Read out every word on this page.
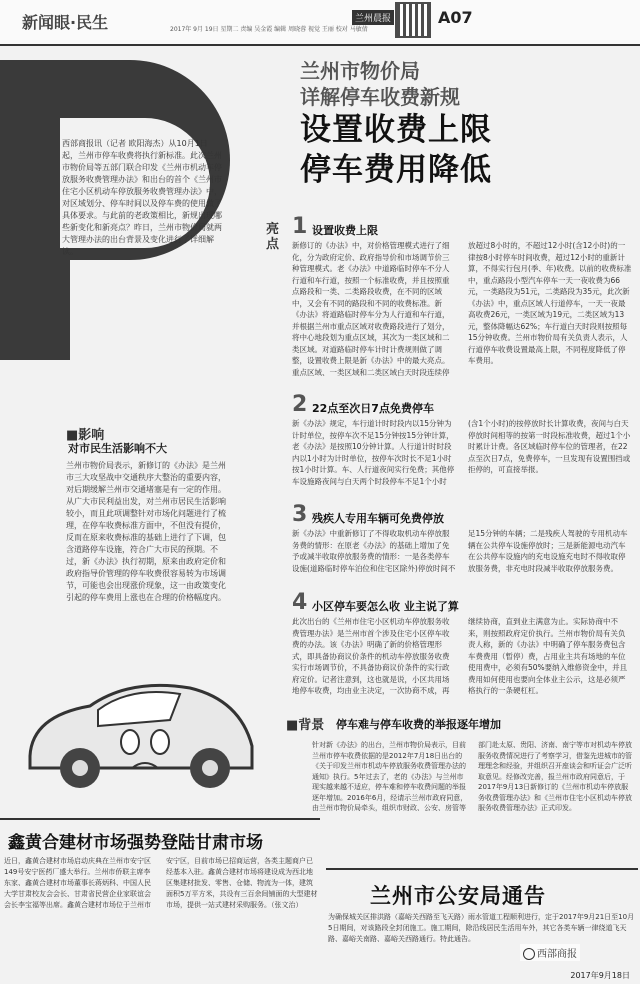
新闻眼·民生	2017年 9月 19日 星期二 责编 吴金霞 编辑 周晓蓉 视觉 王丽 校对 马敏倩
兰州晨报	A07
西部商报讯（记者 欧阳海杰）从10月1日起，兰州市停车收费将执行新标准。此次兰州市物价局等五部门联合印发《兰州市机动车停放服务收费管理办法》和出台的首个《兰州市住宅小区机动车停放服务收费管理办法》中，对区域划分、停车时间以及停车费的使用做了具体要求。与此前的老政策相比，新规出现哪些新变化和新亮点？昨日，兰州市物价局就两大管理办法的出台背景及变化进行了详细解读。
兰州市物价局
详解停车收费新规
设置收费上限
停车费用降低
亮点
1 设置收费上限
新修订的《办法》中，对价格管理模式进行了细化，分为政府定价、政府指导价和市场调节价三种管理模式。老《办法》中道路临时停车不分人行道和车行道，按照一个标准收费，并且按照重点路段和一类、二类路段收费，在不同的区域中，又会有不同的路段和不同的收费标准。新《办法》将道路临时停车分为人行道和车行道，并根据兰州市重点区域对收费路段进行了划分，将中心地段划为重点区域，其次为一类区域和二类区域。对道路临时停车计时计费规则做了调整，设置收费上限是新《办法》中的最大亮点。重点区域、一类区域和二类区域白天时段连续停放超过8小时的，不超过12小时(含12小时)的一律按8小时停车时间收费，超过12小时的重新计算，不得实行包月(季、年)收费。以前的收费标准中，重点路段小型汽车停车一天一夜收费为66元，一类路段为51元，二类路段为35元，此次新《办法》中，重点区域人行道停车，一天一夜最高收费26元，一类区域为19元，二类区域为13元，整体降幅达62%；车行道白天时段则按照每15分钟收费。兰州市物价局有关负责人表示，人行道停车收费设置最高上限，不同程度降低了停车费用。
2 22点至次日7点免费停车
新《办法》规定，车行道计时时段内以15分钟为计时单位，按停车次不足15分钟按15分钟计算，老《办法》是按照10分钟计算。人行道计时时段内以1小时为计时单位，按停车次时长不足1小时按1小时计算。车、人行道夜间实行免费；其他停车设施路夜间与白天两个时段停车不足1个小时(含1个小时)的按停放时长计算收费，夜间与白天停放时间相等的按第一时段标准收费，超过1个小时累计计费。各区域临时停车位的管理者，在22点至次日7点，免费停车，一旦发现有设置围挡或拒停的，可直接举报。
3 残疾人专用车辆可免费停放
新《办法》中重新修订了不得收取机动车停放服务费的情形：在原老《办法》的基础上增加了免予或减半收取停放服务费的情形：一是各类停车设施(道路临时停车泊位和住宅区除外)停放时间不足15分钟的车辆；二是残疾人驾驶的专用机动车辆在公共停车设施停放时；三是新能源电动汽车在公共停车设施内的充电设施充电时不得收取停放服务费，非充电时段减半收取停放服务费。
4 小区停车要怎么收 业主说了算
此次出台的《兰州市住宅小区机动车停放服务收费管理办法》是兰州市首个涉及住宅小区停车收费的办法。该《办法》明确了新的价格管理形式，即具备协商议价条件的机动车停放服务收费实行市场调节价，不具备协商议价条件的实行政府定价。记者注意到，这也就是说，小区共用场地停车收费，均由业主决定，一次协商不成，再继续协商，直到业主满意为止。实际协商中不来，则按照政府定价执行。兰州市物价局有关负责人称，新的《办法》中明确了停车服务费包含车费费用（暂停）费，占用业主共有场地的车位使用费中，必须有50%要纳入维修资金中，并且费用如何使用也要向全体业主公示，这是必须严格执行的一条硬杠杠。
■影响
对市民生活影响不大
兰州市物价局表示，新修订的《办法》是兰州市三大攻坚战中交通秩序大整治的重要内容，对后期缓解兰州市交通堵塞是有一定的作用。从广大市民利益出发，对兰州市居民生活影响较小，而且此项调整针对市场化问题进行了梳理，在停车收费标准方面中，不但没有提价，反而在原来收费标准的基础上进行了下调，包含道路停车设施，符合广大市民的预期。不过，新《办法》执行初期，原来由政府定价和政府指导价管理的停车收费很容易转为市场调节，可能也会出现涨价现象，这一由政策变化引起的停车费用上涨也在合理的价格幅度内。
■背景 停车难与停车收费的举报逐年增加
针对新《办法》的出台，兰州市物价局表示，目前兰州市停车收费依据的是2012年7月18日出台的《关于印发兰州市机动车停放服务收费管理办法的通知》执行。5年过去了，老的《办法》与兰州市现实越来越不适应，停车难和停车收费问题的举报逐年增加。2016年6月，经请示兰州市政府同意，由兰州市物价局牵头，组织市财政、公安、房管等部门赴太原、贵阳、济南、南宁等市对机动车停放服务收费情况进行了考察学习，借鉴先进城市的管理理念和经验，并组织召开座谈会和听证会广泛听取意见。经修改完善，报兰州市政府同意后，于2017年9月13日新修订的《兰州市机动车停放服务收费管理办法》和《兰州市住宅小区机动车停放服务收费管理办法》正式印发。
鑫黄合建材市场强势登陆甘肃市场
近日，鑫黄合建材市场启动庆典在兰州市安宁区149号安宁医药厂盛大举行。兰州市侨联主席李东家、鑫黄合建材市场董事长蒋炳科、中国人民大学甘肃校友会会长、甘肃省民营企业家联谊会会长李宝福等出席。鑫黄合建材市场位于兰州市安宁区，目前市场已招商运营，各类主题商户已经基本入驻。鑫黄合建材市场将建设成为西北地区集建材批发、零售、仓储、物流为一体，建筑面积5万平方米，共设有三百余间铺面的大型建材市场，提供一站式建材采购服务。（张文治）	兰州市公安局通告
为确保城关区排洪路（嘉峪关西路至飞天路）雨水管道工程顺利进行，定于2017年9月21日至10月5日期间，对该路段全封闭施工。施工期间，除沿线居民生活用车外，其它各类车辆一律绕道飞天路、嘉峪关南路、嘉峪关西路通行。特此通告。
2017年9月18日
西部商报
